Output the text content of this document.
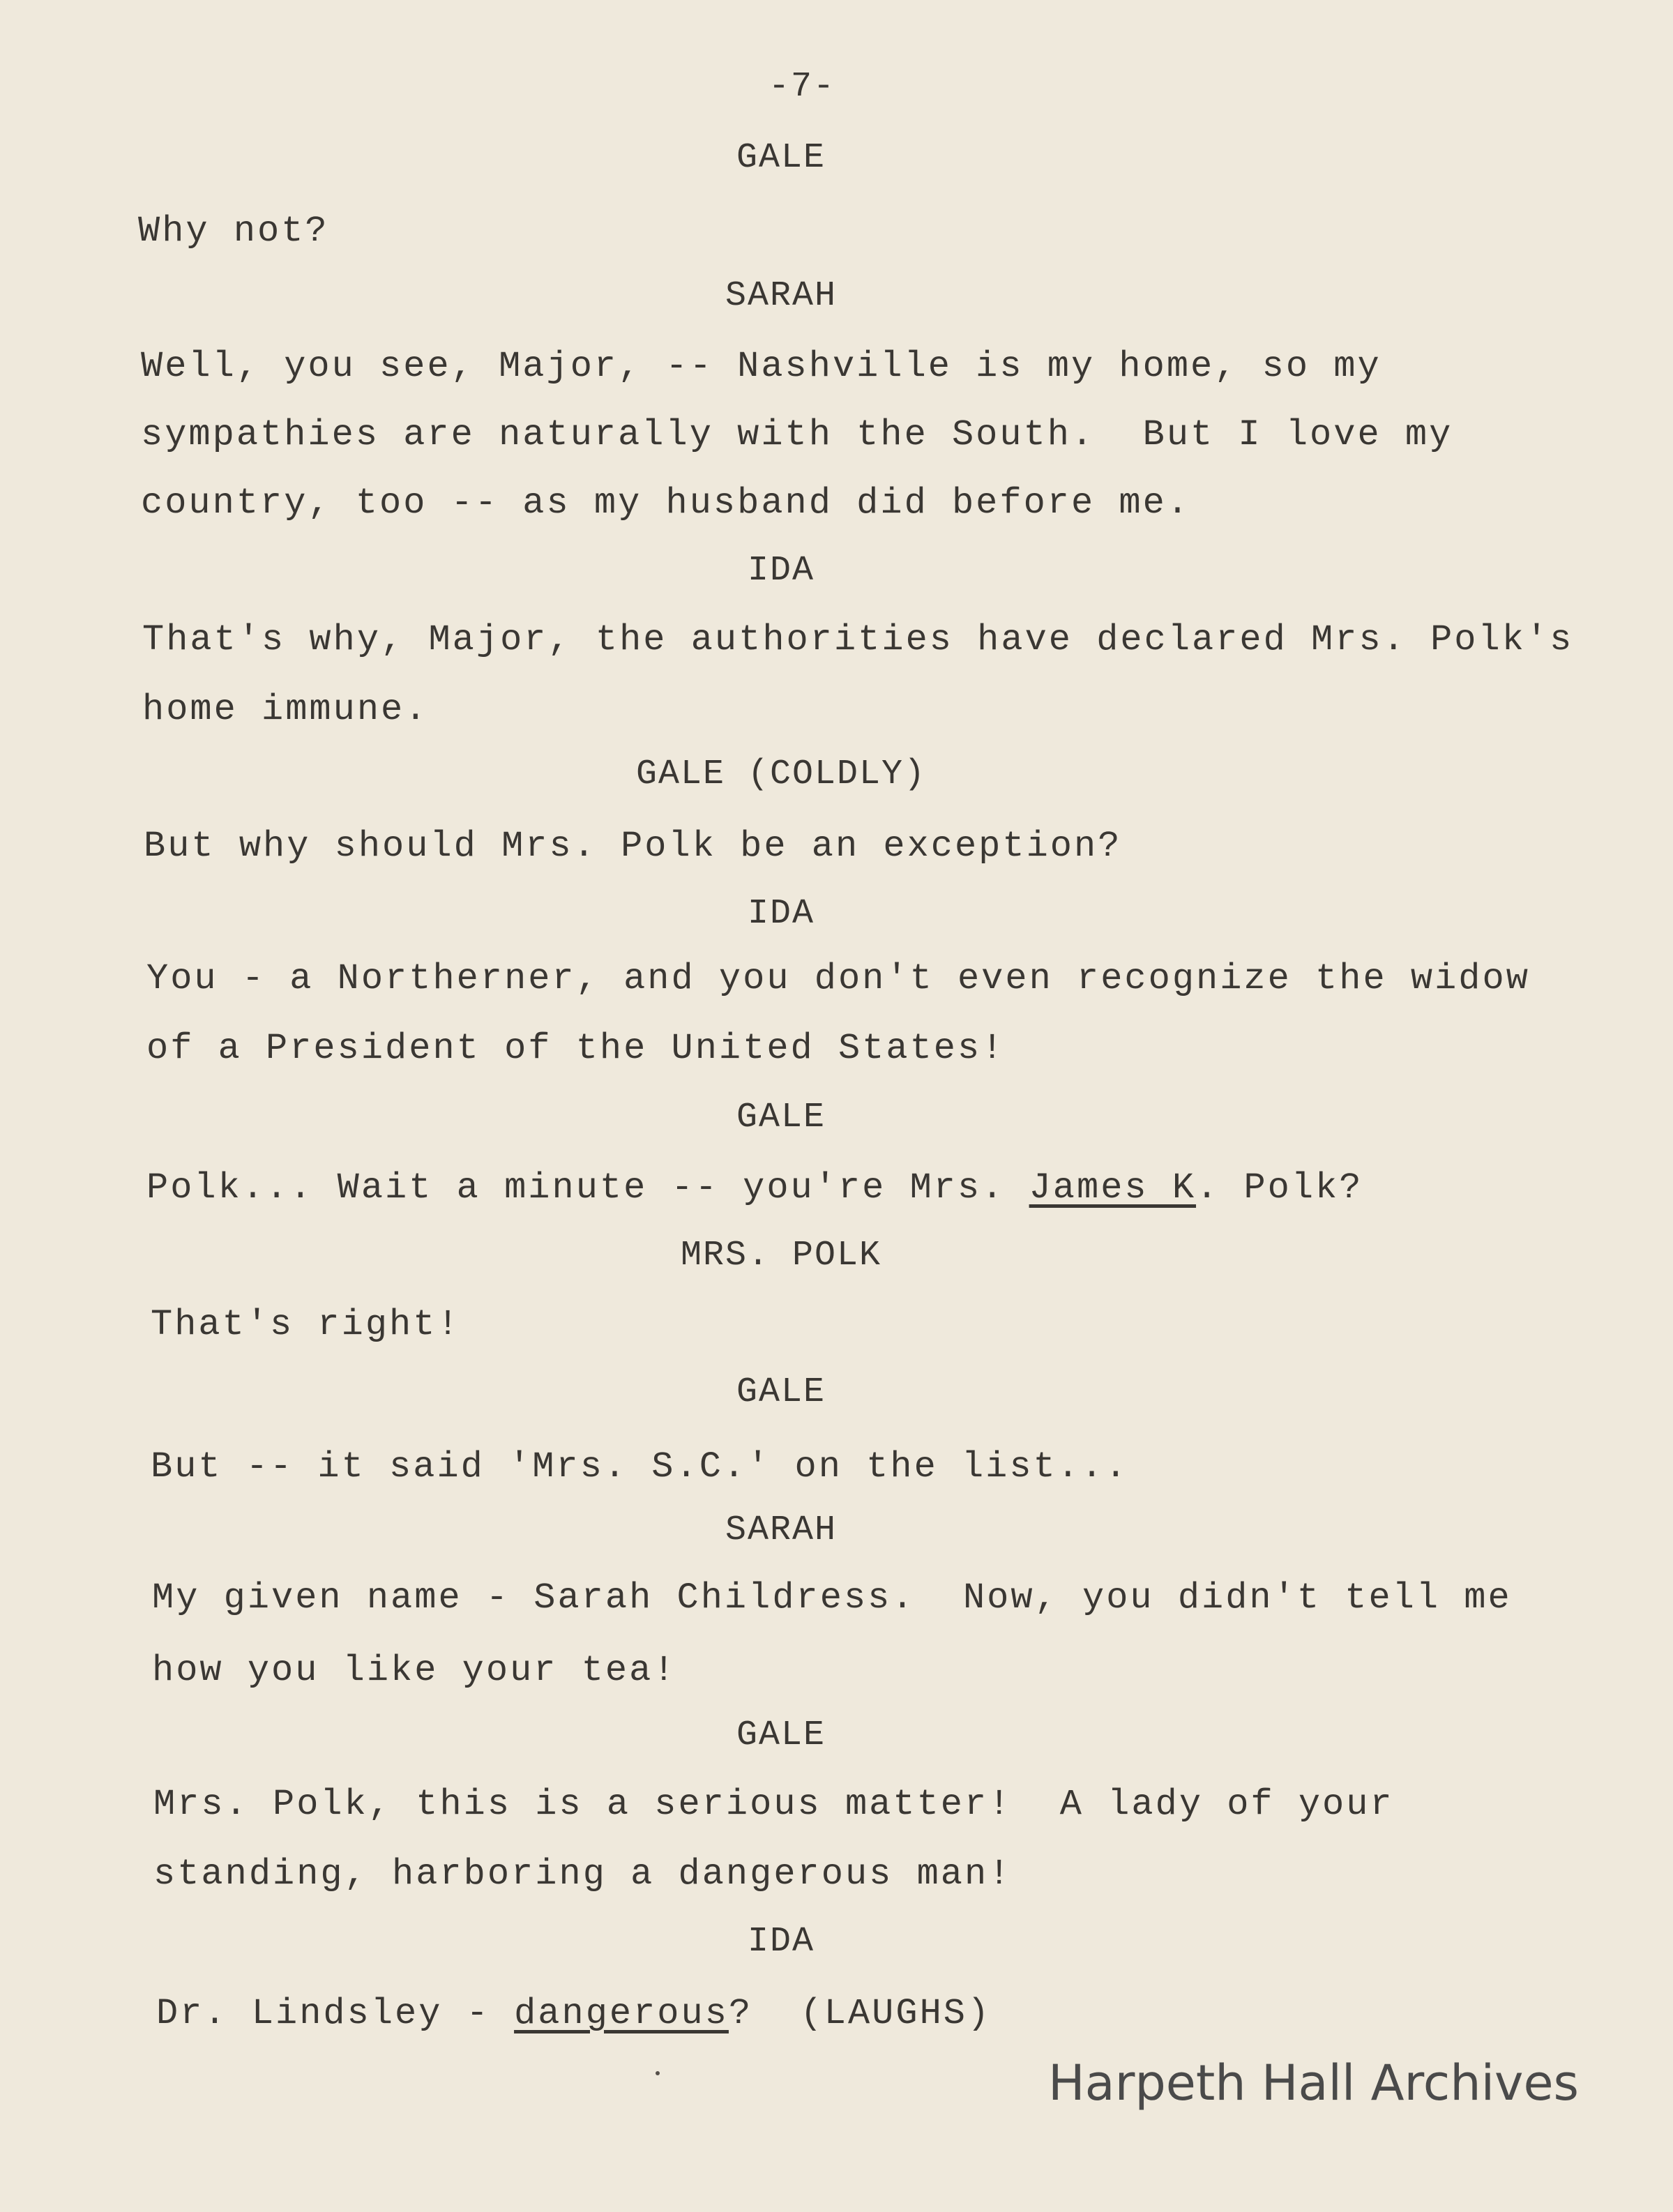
-7-
GALE
Why not?
SARAH
Well, you see, Major, -- Nashville is my home, so my
sympathies are naturally with the South.  But I love my
country, too -- as my husband did before me.
IDA
That's why, Major, the authorities have declared Mrs. Polk's
home immune.
GALE (COLDLY)
But why should Mrs. Polk be an exception?
IDA
You - a Northerner, and you don't even recognize the widow
of a President of the United States!
GALE
Polk... Wait a minute -- you're Mrs. James K. Polk?
MRS. POLK
That's right!
GALE
But -- it said 'Mrs. S.C.' on the list...
SARAH
My given name - Sarah Childress.  Now, you didn't tell me
how you like your tea!
GALE
Mrs. Polk, this is a serious matter!  A lady of your
standing, harboring a dangerous man!
IDA
Dr. Lindsley - dangerous?  (LAUGHS)
Harpeth Hall Archives
